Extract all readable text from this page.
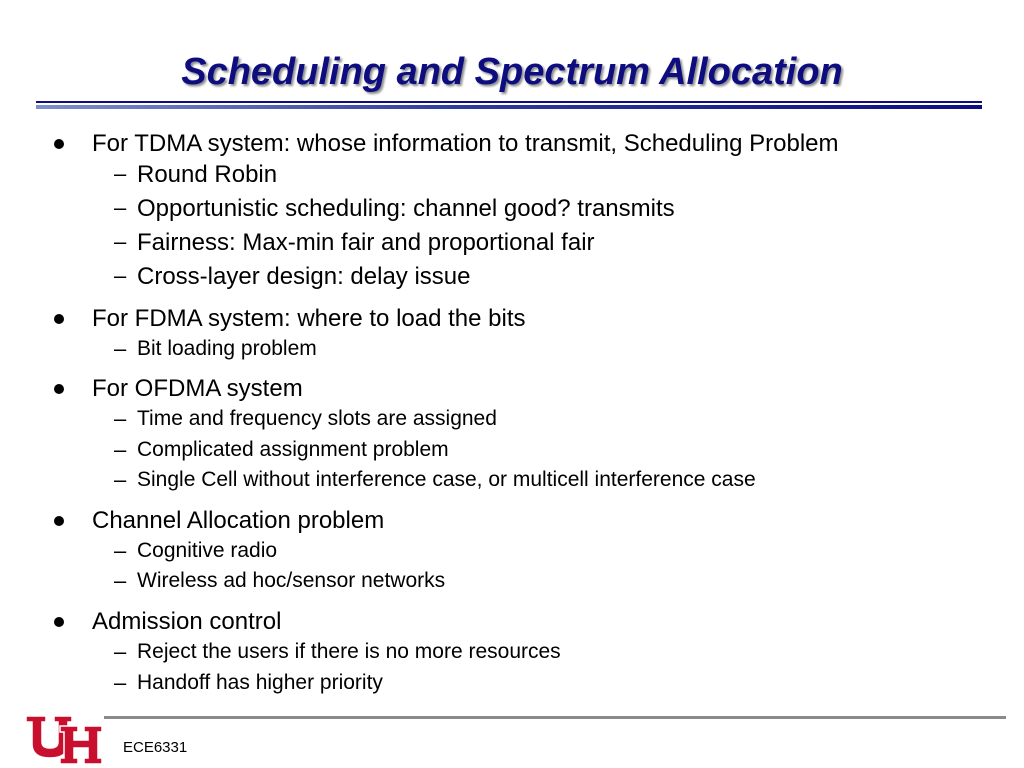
Scheduling and Spectrum Allocation
For TDMA system: whose information to transmit, Scheduling Problem
– Round Robin
– Opportunistic scheduling: channel good? transmits
– Fairness: Max-min fair and proportional fair
– Cross-layer design: delay issue
For FDMA system: where to load the bits
– Bit loading problem
For OFDMA system
– Time and frequency slots are assigned
– Complicated assignment problem
– Single Cell without interference case, or multicell interference case
Channel Allocation problem
– Cognitive radio
– Wireless ad hoc/sensor networks
Admission control
– Reject the users if there is no more resources
– Handoff has higher priority
ECE6331
